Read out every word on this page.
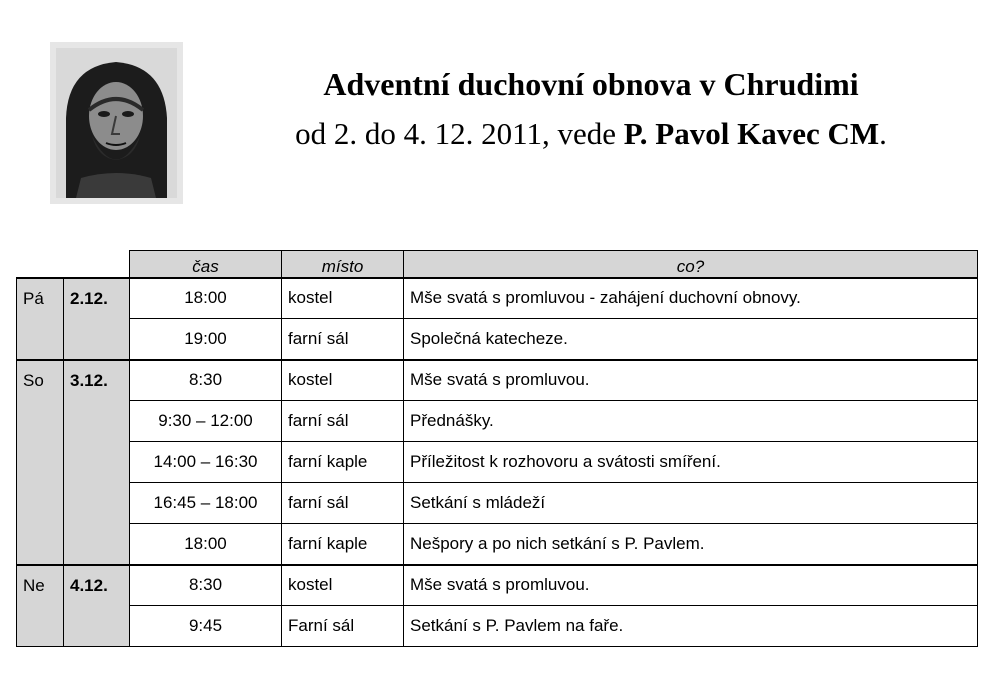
Adventní duchovní obnova v Chrudimi
od 2. do 4. 12. 2011, vede P. Pavol Kavec CM.
		čas	místo	co?
Pá	2.12.	18:00	kostel	Mše svatá s promluvou - zahájení duchovní obnovy.
		19:00	farní sál	Společná katecheze.
So	3.12.	8:30	kostel	Mše svatá s promluvou.
		9:30 – 12:00	farní sál	Přednášky.
		14:00 – 16:30	farní kaple	Příležitost k rozhovoru a svátosti smíření.
		16:45 – 18:00	farní sál	Setkání s mládeží
		18:00	farní kaple	Nešpory a po nich setkání s P. Pavlem.
Ne	4.12.	8:30	kostel	Mše svatá s promluvou.
		9:45	Farní sál	Setkání s P. Pavlem na faře.
